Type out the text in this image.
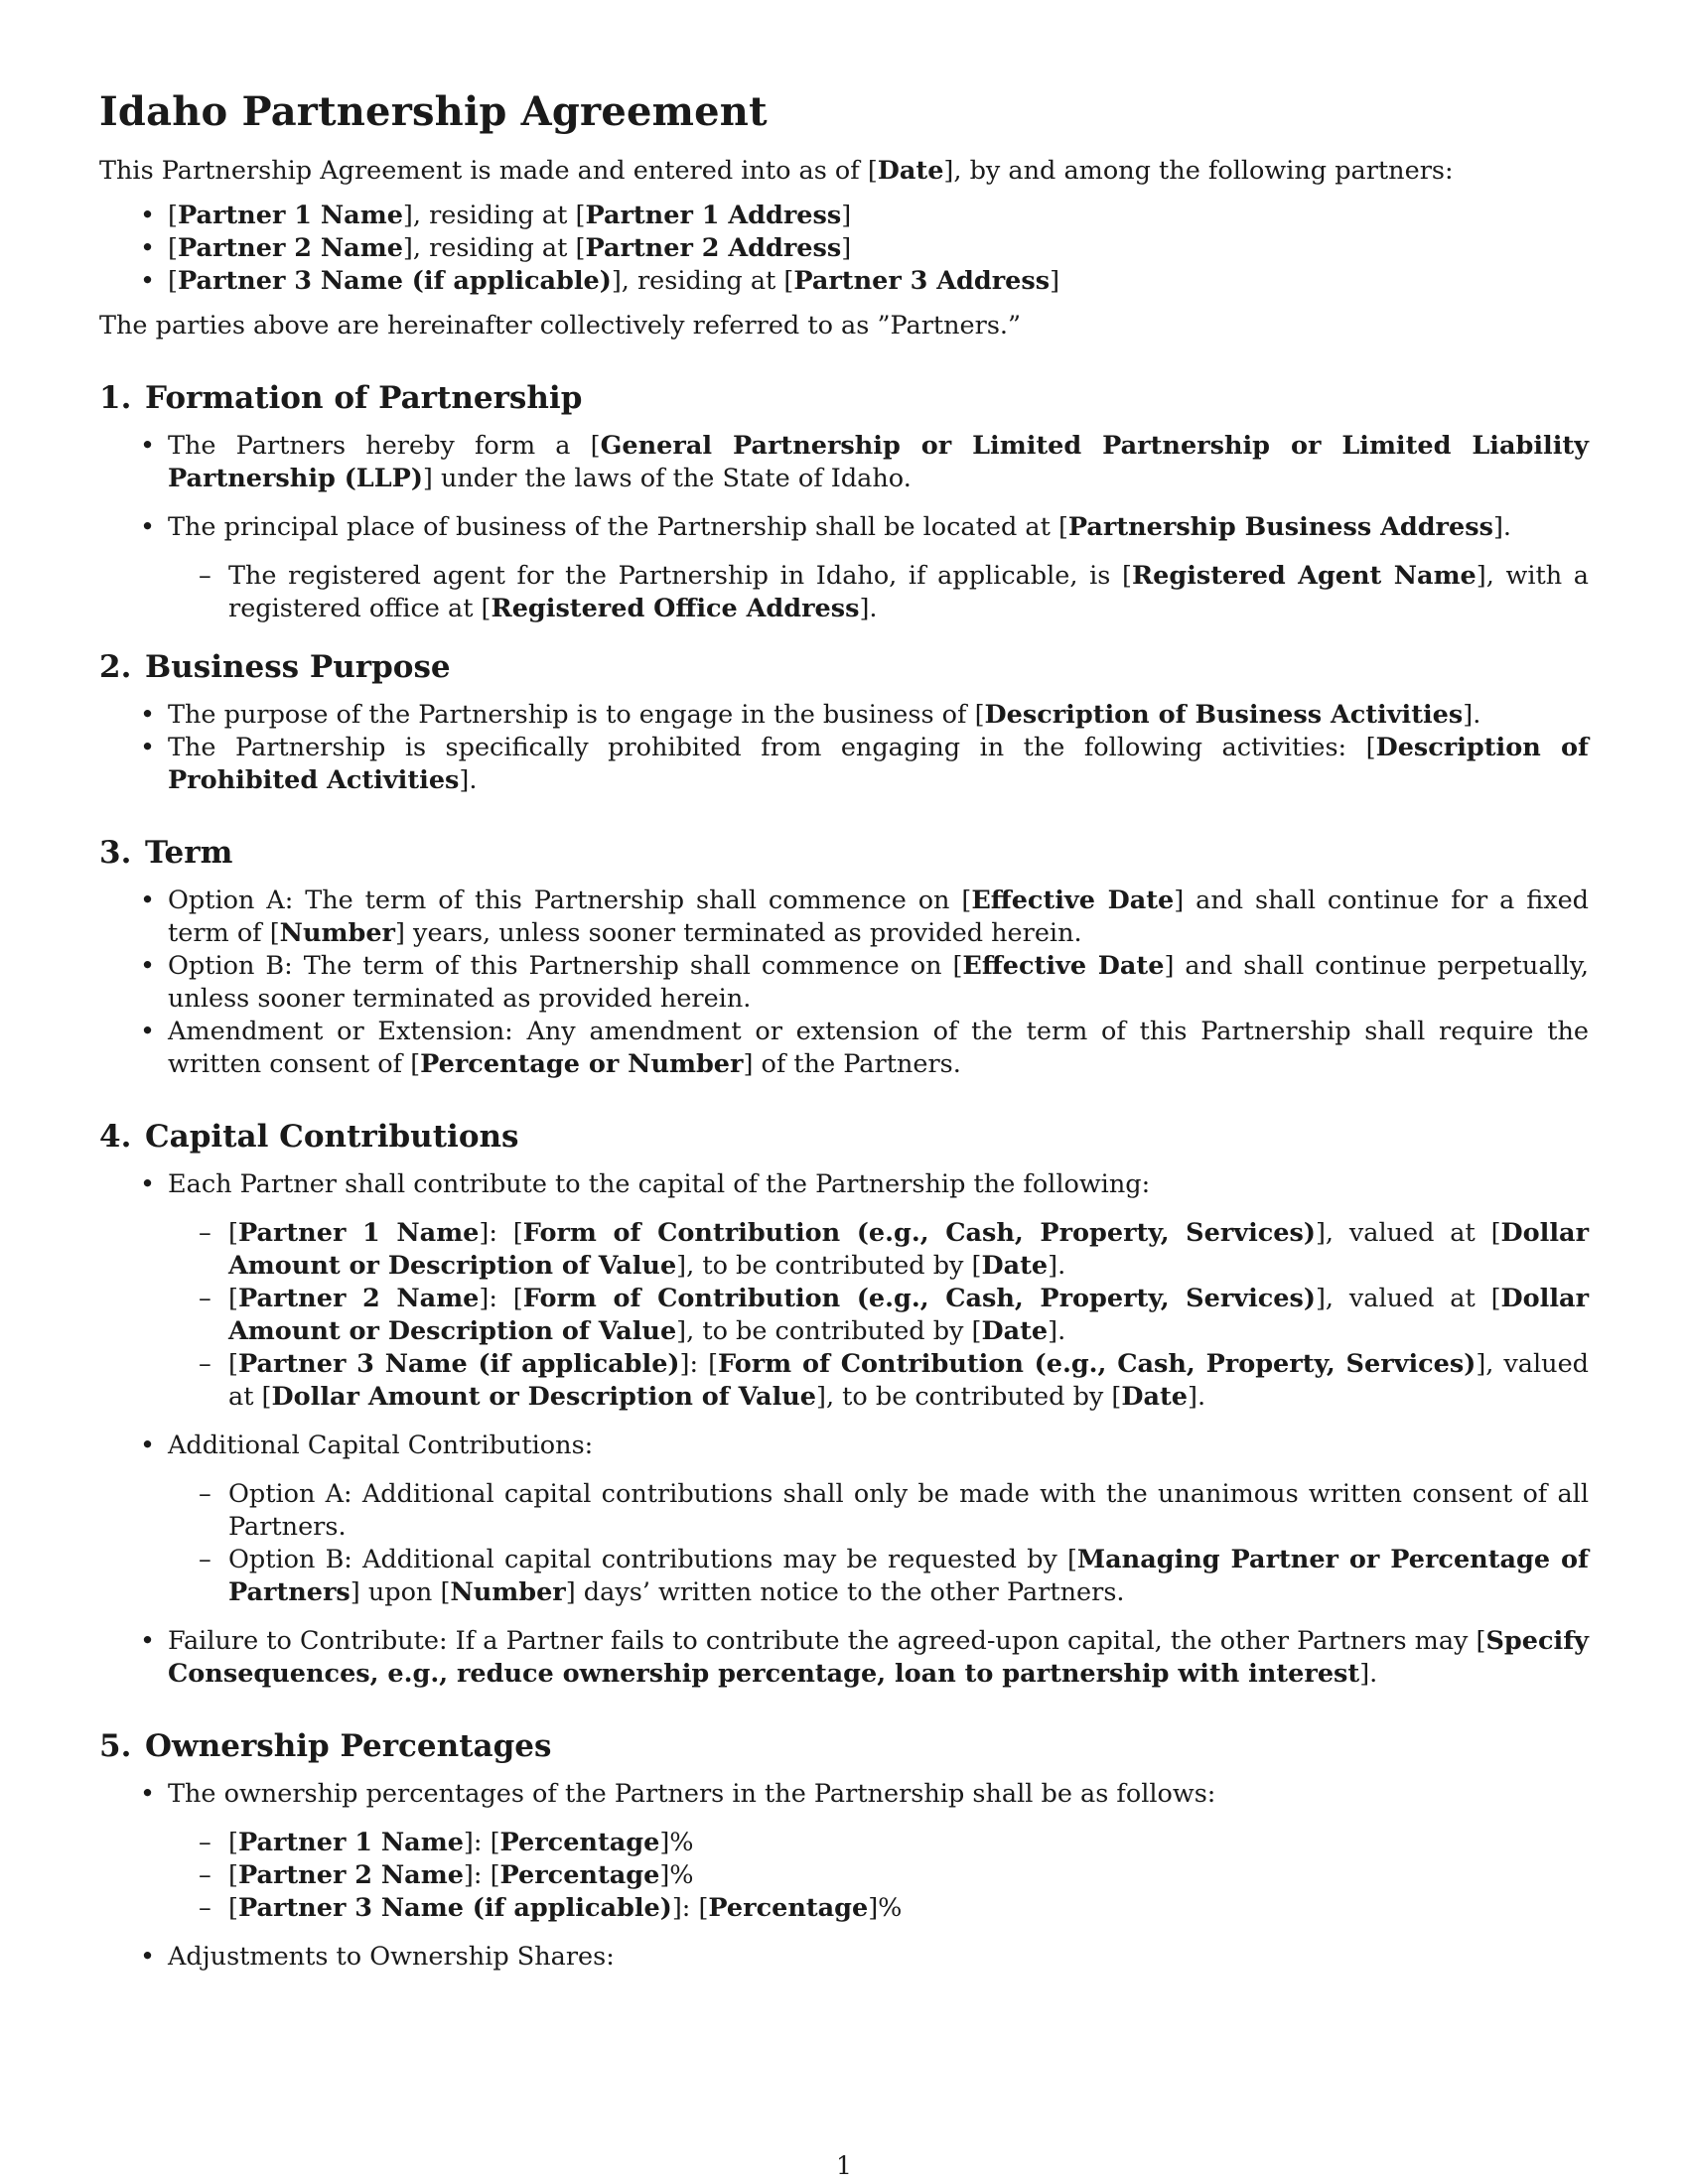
Idaho Partnership Agreement

This Partnership Agreement is made and entered into as of [Date], by and among the following partners:

• [Partner 1 Name], residing at [Partner 1 Address]
• [Partner 2 Name], residing at [Partner 2 Address]
• [Partner 3 Name (if applicable)], residing at [Partner 3 Address]

The parties above are hereinafter collectively referred to as ”Partners.”

1. Formation of Partnership
• The Partners hereby form a [General Partnership or Limited Partnership or Limited Liability Partnership (LLP)] under the laws of the State of Idaho.
• The principal place of business of the Partnership shall be located at [Partnership Business Address].
– The registered agent for the Partnership in Idaho, if applicable, is [Registered Agent Name], with a registered office at [Registered Office Address].
2. Business Purpose
• The purpose of the Partnership is to engage in the business of [Description of Business Activities].
• The Partnership is specifically prohibited from engaging in the following activities: [Description of Prohibited Activities].
3. Term
• Option A: The term of this Partnership shall commence on [Effective Date] and shall continue for a fixed term of [Number] years, unless sooner terminated as provided herein.
• Option B: The term of this Partnership shall commence on [Effective Date] and shall continue perpetually, unless sooner terminated as provided herein.
• Amendment or Extension: Any amendment or extension of the term of this Partnership shall require the written consent of [Percentage or Number] of the Partners.
4. Capital Contributions
• Each Partner shall contribute to the capital of the Partnership the following:
– [Partner 1 Name]: [Form of Contribution (e.g., Cash, Property, Services)], valued at [Dollar Amount or Description of Value], to be contributed by [Date].
– [Partner 2 Name]: [Form of Contribution (e.g., Cash, Property, Services)], valued at [Dollar Amount or Description of Value], to be contributed by [Date].
– [Partner 3 Name (if applicable)]: [Form of Contribution (e.g., Cash, Property, Services)], valued at [Dollar Amount or Description of Value], to be contributed by [Date].
• Additional Capital Contributions:
– Option A: Additional capital contributions shall only be made with the unanimous written consent of all Partners.
– Option B: Additional capital contributions may be requested by [Managing Partner or Percentage of Partners] upon [Number] days’ written notice to the other Partners.
• Failure to Contribute: If a Partner fails to contribute the agreed-upon capital, the other Partners may [Specify Consequences, e.g., reduce ownership percentage, loan to partnership with interest].
5. Ownership Percentages
• The ownership percentages of the Partners in the Partnership shall be as follows:
– [Partner 1 Name]: [Percentage]%
– [Partner 2 Name]: [Percentage]%
– [Partner 3 Name (if applicable)]: [Percentage]%
• Adjustments to Ownership Shares:
1
